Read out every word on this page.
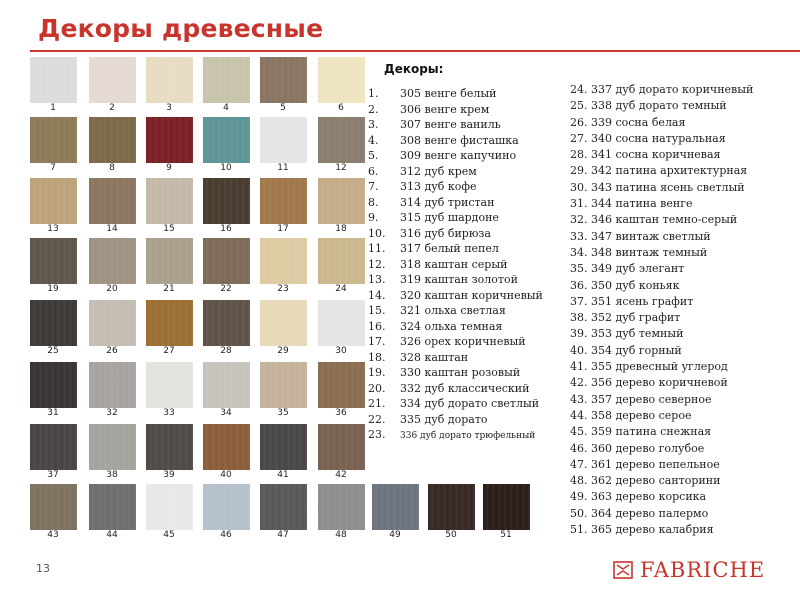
Декоры древесные
1	2	3	4	5	6
7	8	9	10	11	12
13	14	15	16	17	18
19	20	21	22	23	24
25	26	27	28	29	30
31	32	33	34	35	36
37	38	39	40	41	42
43	44	45	46	47	48	49	50	51
Декоры:
1. 305 венге белый
2. 306 венге крем
3. 307 венге ваниль
4. 308 венге фисташка
5. 309 венге капучино
6. 312 дуб крем
7. 313 дуб кофе
8. 314 дуб тристан
9. 315 дуб шардоне
10. 316 дуб бирюза
11. 317 белый пепел
12. 318 каштан серый
13. 319 каштан золотой
14. 320 каштан коричневый
15. 321 ольха светлая
16. 324 ольха темная
17. 326 орех коричневый
18. 328 каштан
19. 330 каштан розовый
20. 332 дуб классический
21. 334 дуб дорато светлый
22. 335 дуб дорато
23. 336 дуб дорато трюфельный
24. 337 дуб дорато коричневый
25. 338 дуб дорато темный
26. 339 сосна белая
27. 340 сосна натуральная
28. 341 сосна коричневая
29. 342 патина архитектурная
30. 343 патина ясень светлый
31. 344 патина венге
32. 346 каштан темно-серый
33. 347 винтаж светлый
34. 348 винтаж темный
35. 349 дуб элегант
36. 350 дуб коньяк
37. 351 ясень графит
38. 352 дуб графит
39. 353 дуб темный
40. 354 дуб горный
41. 355 древесный углерод
42. 356 дерево коричневой
43. 357 дерево северное
44. 358 дерево серое
45. 359 патина снежная
46. 360 дерево голубое
47. 361 дерево пепельное
48. 362 дерево санторини
49. 363 дерево корсика
50. 364 дерево палермо
51. 365 дерево калабрия
13	FABRICHE
